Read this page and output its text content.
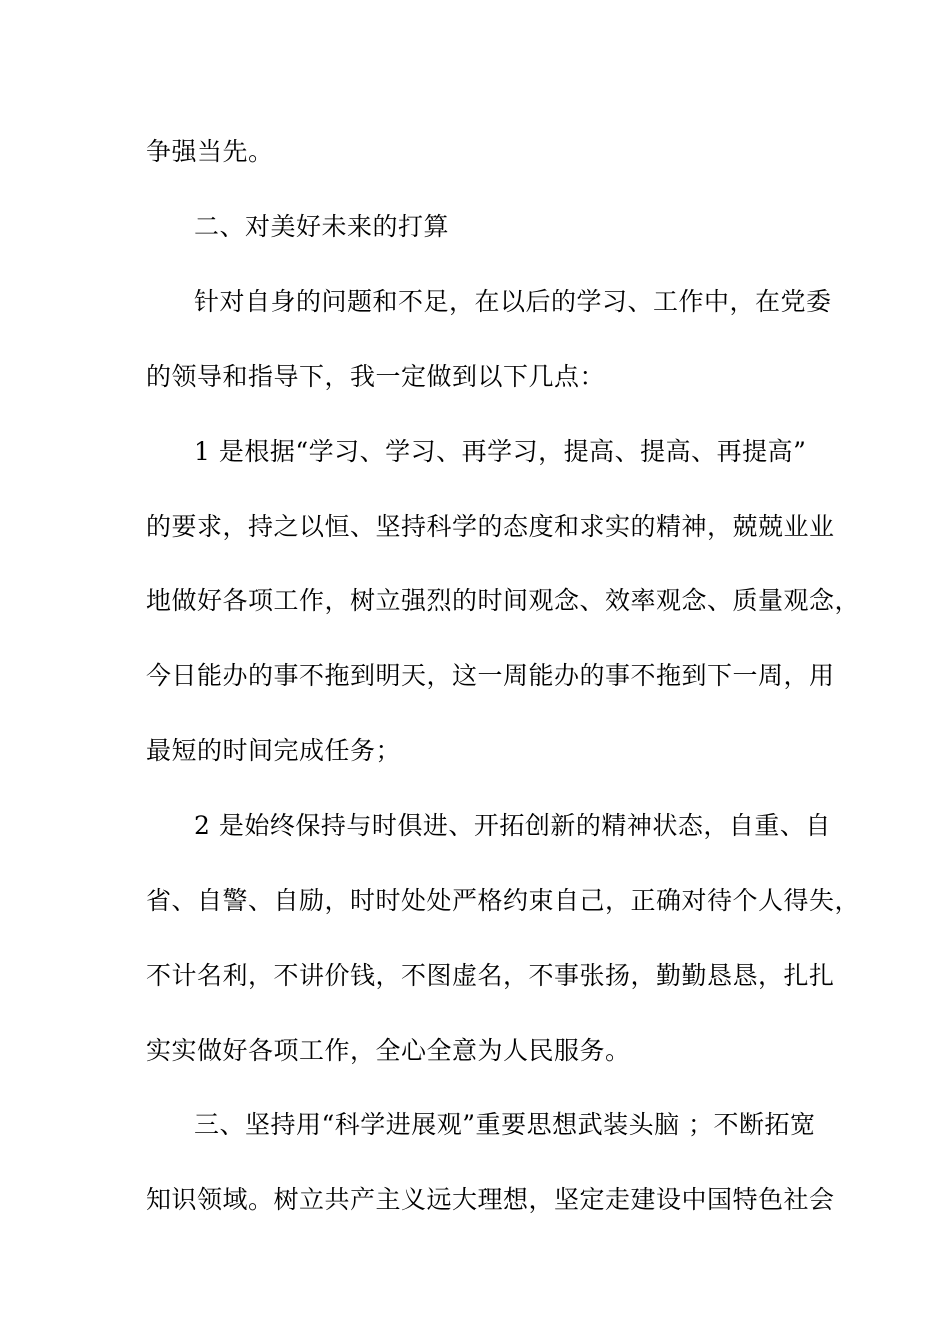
争强当先。
二、对美好未来的打算
针对自身的问题和不足，在以后的学习、工作中，在党委
的领导和指导下，我一定做到以下几点：
1 是根据“学习、学习、再学习，提高、提高、再提高”
的要求，持之以恒、坚持科学的态度和求实的精神，兢兢业业
地做好各项工作，树立强烈的时间观念、效率观念、质量观念，
今日能办的事不拖到明天，这一周能办的事不拖到下一周，用
最短的时间完成任务；
2 是始终保持与时俱进、开拓创新的精神状态，自重、自
省、自警、自励，时时处处严格约束自己，正确对待个人得失，
不计名利，不讲价钱，不图虚名，不事张扬，勤勤恳恳，扎扎
实实做好各项工作，全心全意为人民服务。
三、坚持用“科学进展观”重要思想武装头脑 ；不断拓宽
知识领域。树立共产主义远大理想，坚定走建设中国特色社会
